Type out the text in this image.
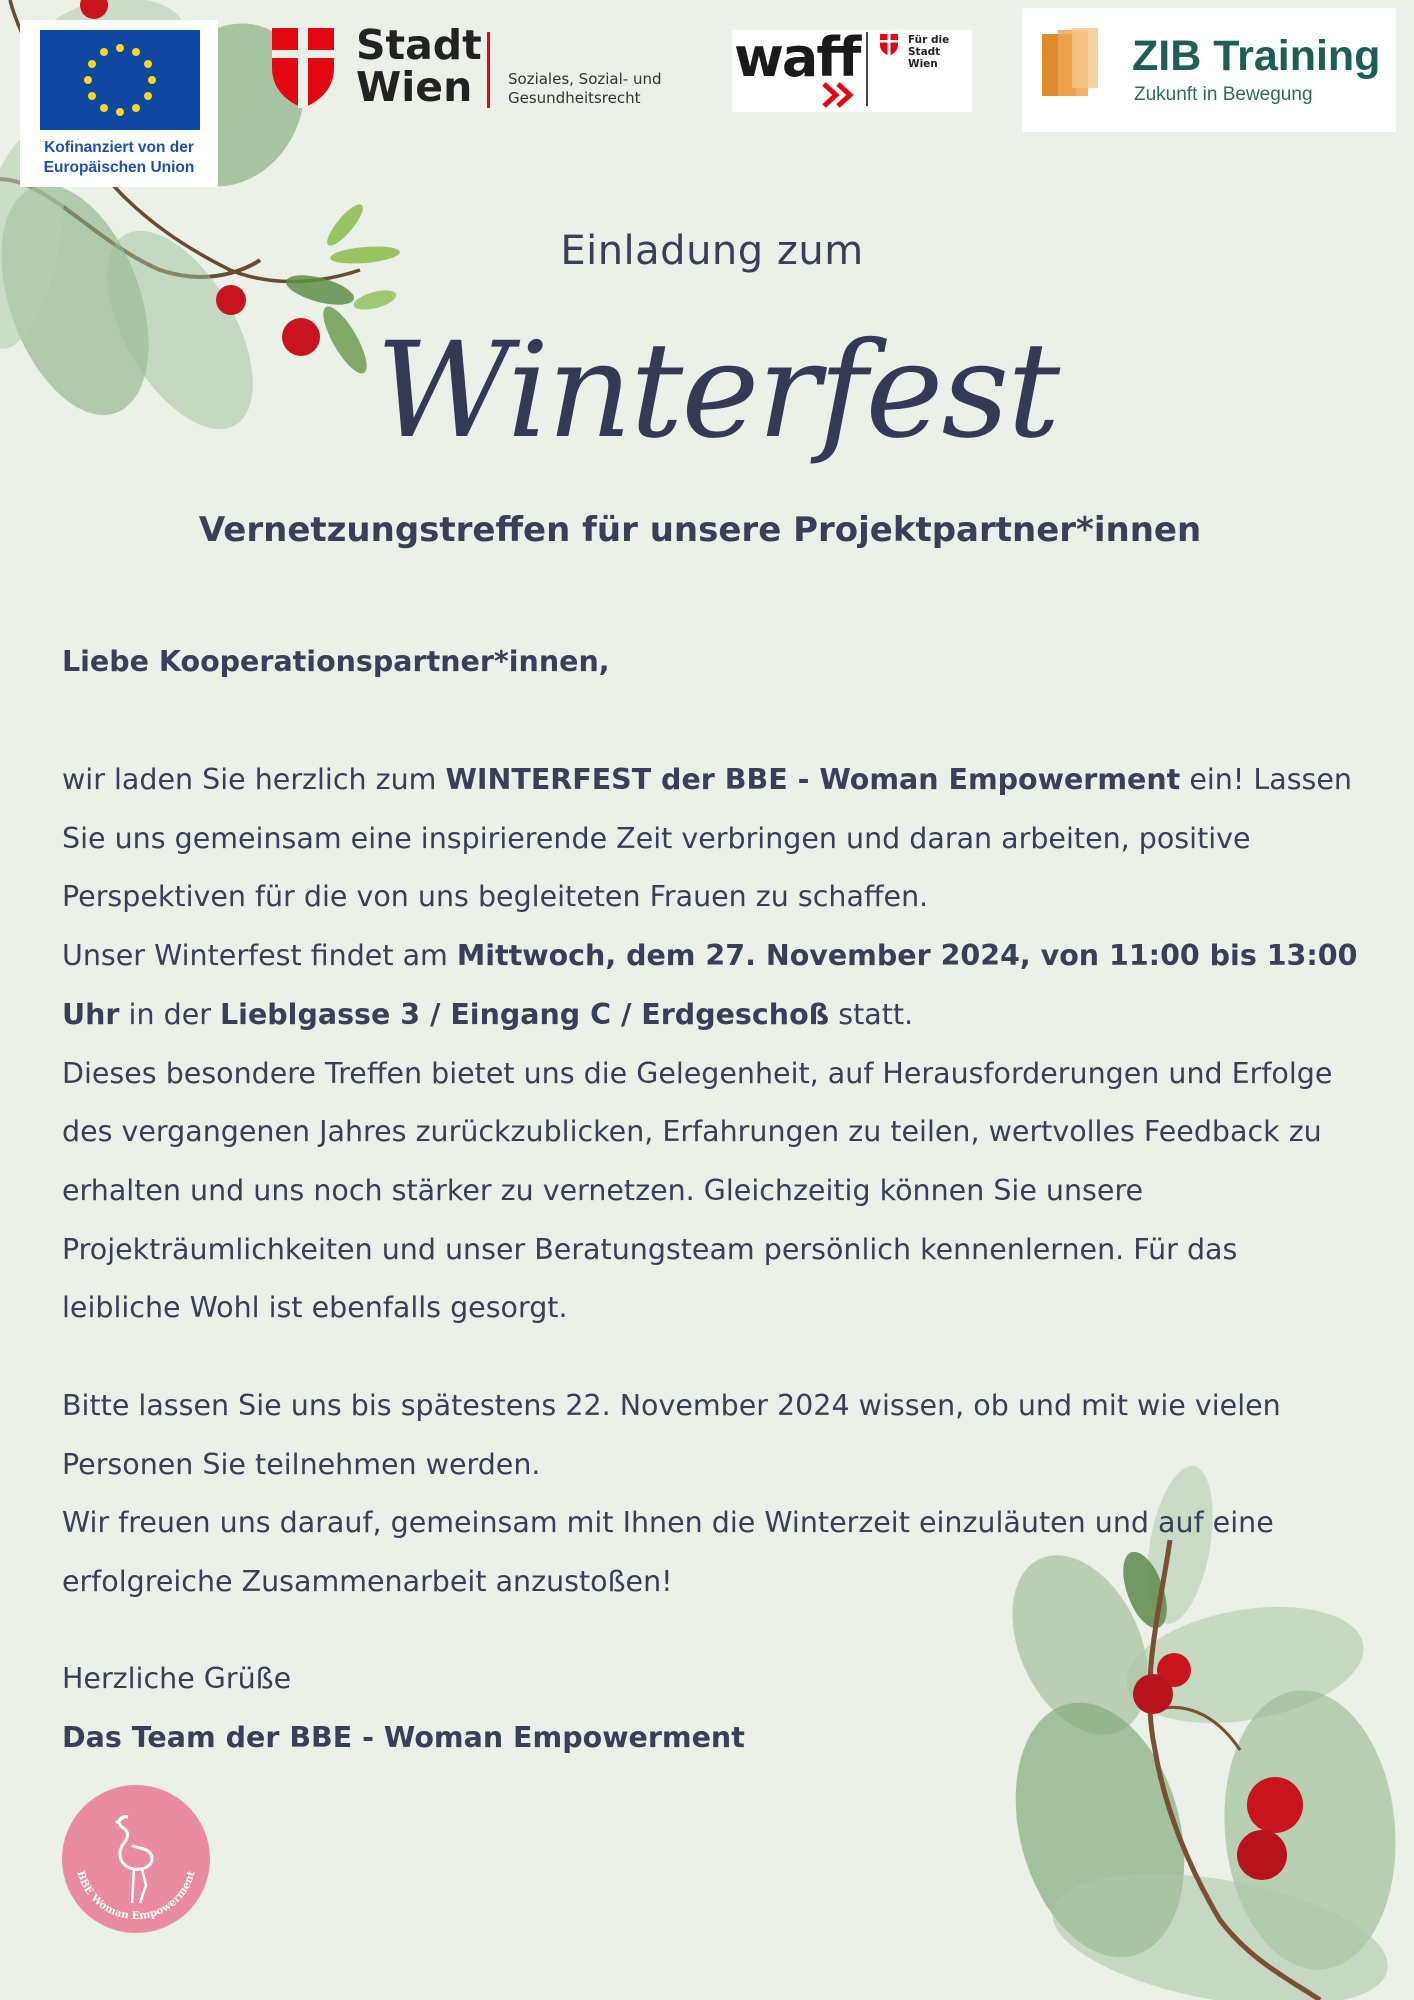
Kofinanziert von der
Europäischen Union
Stadt
Wien	Soziales, Sozial- und
Gesundheitsrecht
waff	Für die
Stadt Wien	ZIB Training
Zukunft in Bewegung
Einladung zum
Winterfest
Vernetzungstreffen für unsere Projektpartner*innen
Liebe Kooperationspartner*innen,
wir laden Sie herzlich zum WINTERFEST der BBE - Woman Empowerment ein! Lassen Sie uns gemeinsam eine inspirierende Zeit verbringen und daran arbeiten, positive Perspektiven für die von uns begleiteten Frauen zu schaffen.
Unser Winterfest findet am Mittwoch, dem 27. November 2024, von 11:00 bis 13:00 Uhr in der Lieblgasse 3 / Eingang C / Erdgeschoß statt.
Dieses besondere Treffen bietet uns die Gelegenheit, auf Herausforderungen und Erfolge des vergangenen Jahres zurückzublicken, Erfahrungen zu teilen, wertvolles Feedback zu erhalten und uns noch stärker zu vernetzen. Gleichzeitig können Sie unsere Projekträumlichkeiten und unser Beratungsteam persönlich kennenlernen. Für das leibliche Wohl ist ebenfalls gesorgt.
Bitte lassen Sie uns bis spätestens 22. November 2024 wissen, ob und mit wie vielen Personen Sie teilnehmen werden.
Wir freuen uns darauf, gemeinsam mit Ihnen die Winterzeit einzuläuten und auf eine erfolgreiche Zusammenarbeit anzustoßen!
Herzliche Grüße
Das Team der BBE - Woman Empowerment
BBE Woman Empowerment
